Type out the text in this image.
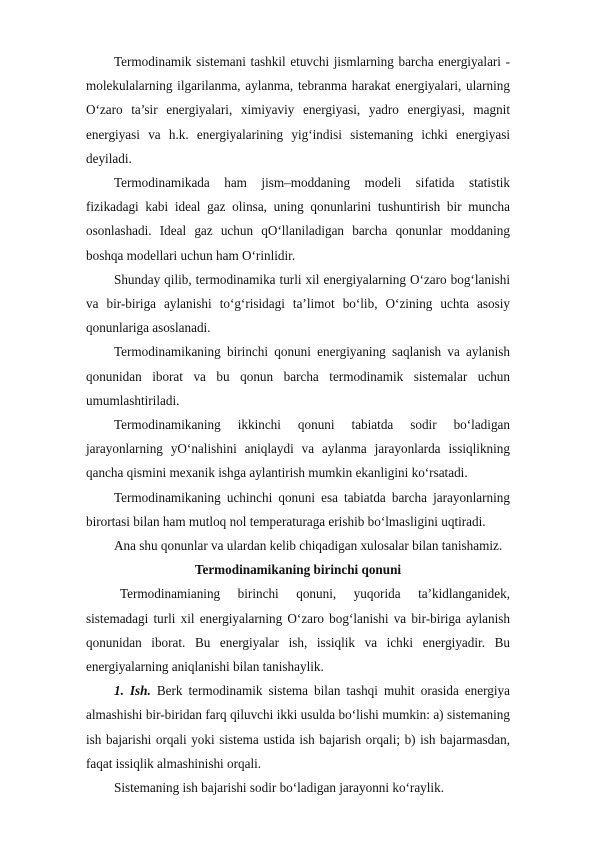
Termodinamik sistemani tashkil etuvchi jismlarning barcha energiyalari - molekulalarning ilgarilanma, aylanma, tebranma harakat energiyalari, ularning O‘zaro ta’sir energiyalari, ximiyaviy energiyasi, yadro energiyasi, magnit energiyasi va h.k. energiyalarining yig‘indisi sistemaning ichki energiyasi deyiladi.

Termodinamikada ham jism–moddaning modeli sifatida statistik fizikadagi kabi ideal gaz olinsa, uning qonunlarini tushuntirish bir muncha osonlashadi. Ideal gaz uchun qO‘llaniladigan barcha qonunlar moddaning boshqa modellari uchun ham O‘rinlidir.

Shunday qilib, termodinamika turli xil energiyalarning O‘zaro bog‘lanishi va bir-biriga aylanishi to‘g‘risidagi ta’limot bo‘lib, O‘zining uchta asosiy qonunlariga asoslanadi.

Termodinamikaning birinchi qonuni energiyaning saqlanish va aylanish qonunidan iborat va bu qonun barcha termodinamik sistemalar uchun umumlashtiriladi.

Termodinamikaning ikkinchi qonuni tabiatda sodir bo‘ladigan jarayonlarning yO‘nalishini aniqlaydi va aylanma jarayonlarda issiqlikning qancha qismini mexanik ishga aylantirish mumkin ekanligini ko‘rsatadi.

Termodinamikaning uchinchi qonuni esa tabiatda barcha jarayonlarning birortasi bilan ham mutloq nol temperaturaga erishib bo‘lmasligini uqtiradi.

Ana shu qonunlar va ulardan kelib chiqadigan xulosalar bilan tanishamiz.

Termodinamikaning birinchi qonuni

Termodinamianing birinchi qonuni, yuqorida ta’kidlanganidek, sistemadagi turli xil energiyalarning O‘zaro bog‘lanishi va bir-biriga aylanish qonunidan iborat. Bu energiyalar ish, issiqlik va ichki energiyadir. Bu energiyalarning aniqlanishi bilan tanishaylik.

1. Ish. Berk termodinamik sistema bilan tashqi muhit orasida energiya almashishi bir-biridan farq qiluvchi ikki usulda bo‘lishi mumkin: a) sistemaning ish bajarishi orqali yoki sistema ustida ish bajarish orqali; b) ish bajarmasdan, faqat issiqlik almashinishi orqali.

Sistemaning ish bajarishi sodir bo‘ladigan jarayonni ko‘raylik.
